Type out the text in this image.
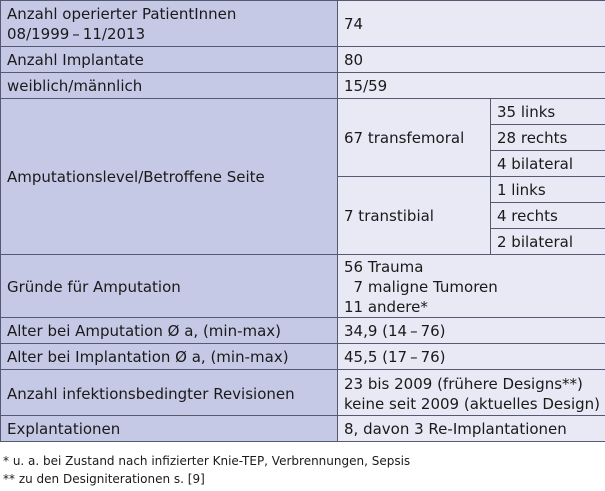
Anzahl operierter PatientInnen
08/1999 – 11/2013	74	
Anzahl Implantate	80	
weiblich/männlich	15/59	
Amputationslevel/Betroffene Seite	67 transfemoral	35 links
		28 rechts
		4 bilateral
	7 transtibial	1 links
		4 rechts
		2 bilateral
Gründe für Amputation	56 Trauma
7 maligne Tumoren
11 andere*	

Alter bei Amputation Ø a, (min-max)	34,9 (14 – 76)	
Alter bei Implantation Ø a, (min-max)	45,5 (17 – 76)	
Anzahl infektionsbedingter Revisionen	23 bis 2009 (frühere Designs**)
keine seit 2009 (aktuelles Design)	

Explantationen	8, davon 3 Re-Implantationen	
* u. a. bei Zustand nach infizierter Knie-TEP, Verbrennungen, Sepsis
** zu den Designiterationen s. [9]
